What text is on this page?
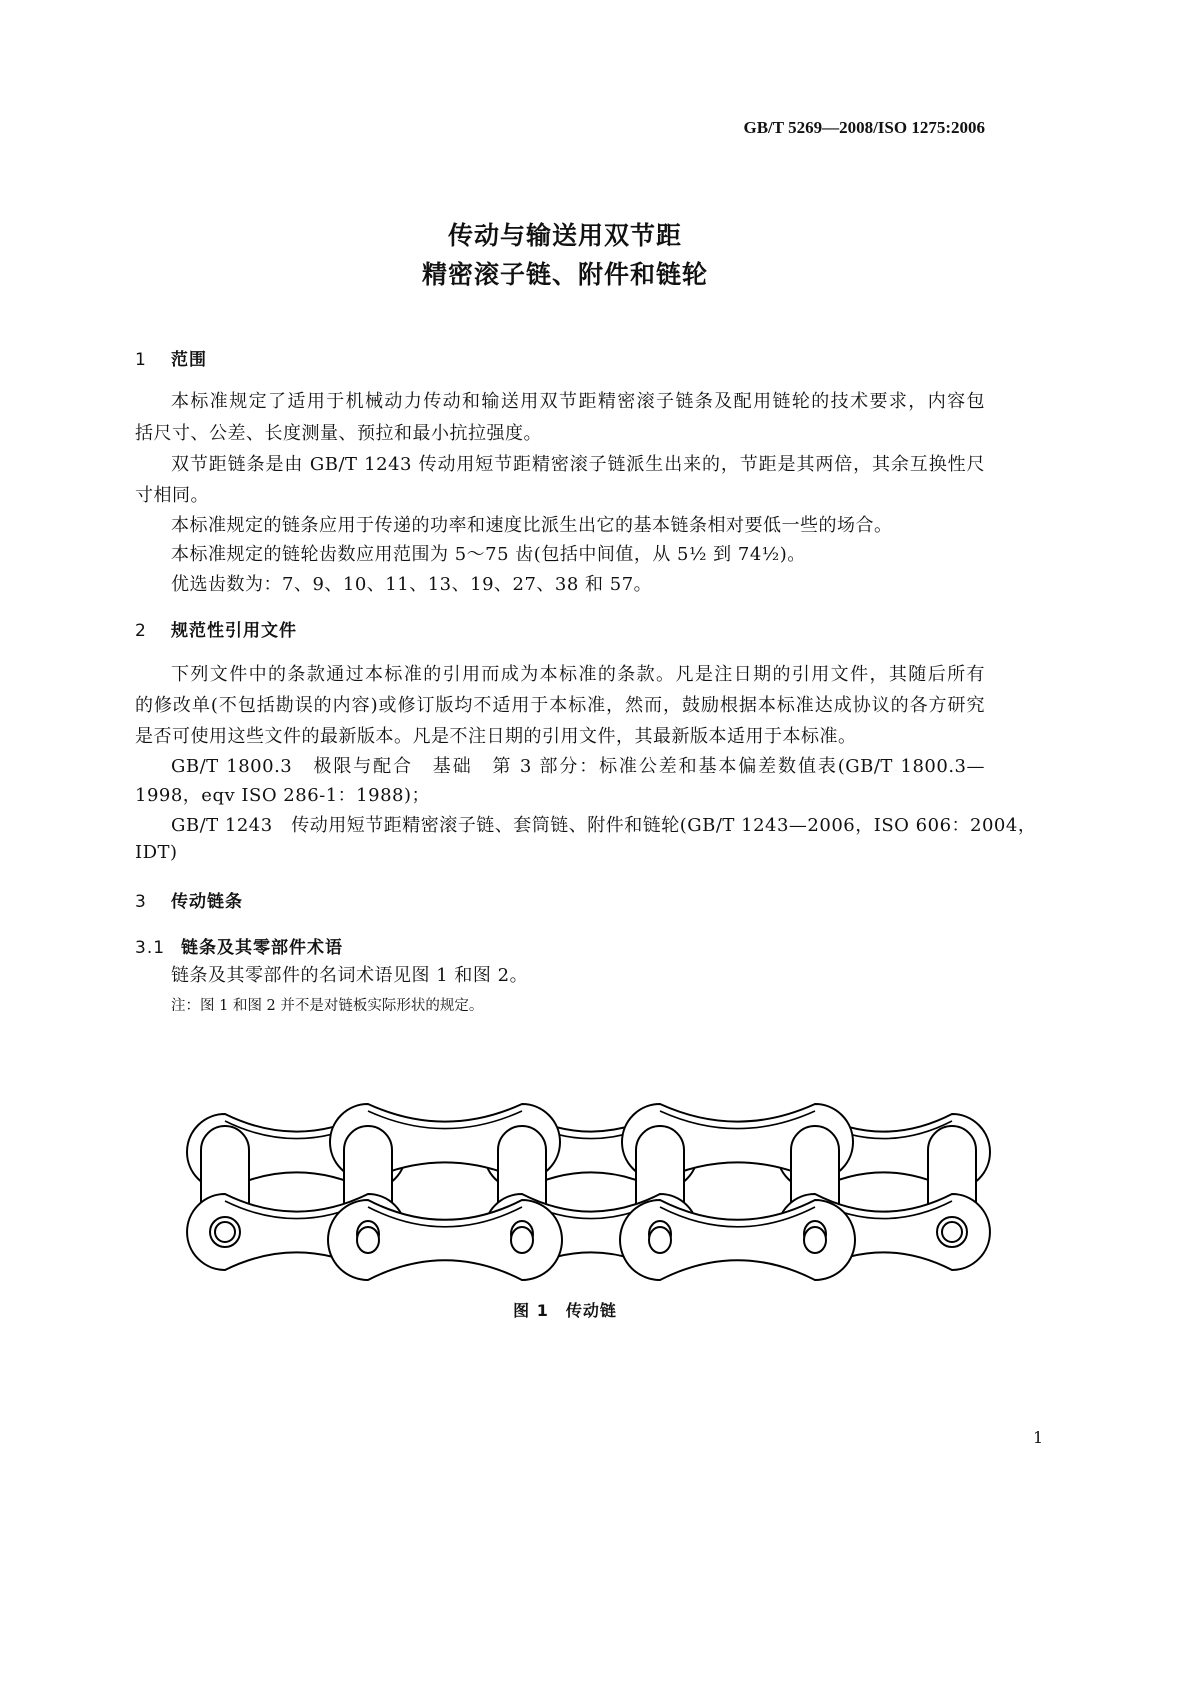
GB/T 5269—2008/ISO 1275:2006
传动与输送用双节距
精密滚子链、附件和链轮
1 范围
本标准规定了适用于机械动力传动和输送用双节距精密滚子链条及配用链轮的技术要求，内容包
括尺寸、公差、长度测量、预拉和最小抗拉强度。
双节距链条是由 GB/T 1243 传动用短节距精密滚子链派生出来的，节距是其两倍，其余互换性尺
寸相同。
本标准规定的链条应用于传递的功率和速度比派生出它的基本链条相对要低一些的场合。
本标准规定的链轮齿数应用范围为 5～75 齿(包括中间值，从 5½ 到 74½)。
优选齿数为：7、9、10、11、13、19、27、38 和 57。
2 规范性引用文件
下列文件中的条款通过本标准的引用而成为本标准的条款。凡是注日期的引用文件，其随后所有
的修改单(不包括勘误的内容)或修订版均不适用于本标准，然而，鼓励根据本标准达成协议的各方研究
是否可使用这些文件的最新版本。凡是不注日期的引用文件，其最新版本适用于本标准。
GB/T 1800.3　极限与配合　基础　第 3 部分：标准公差和基本偏差数值表(GB/T 1800.3—
1998，eqv ISO 286-1：1988)；
GB/T 1243　传动用短节距精密滚子链、套筒链、附件和链轮(GB/T 1243—2006，ISO 606：2004，
IDT)
3 传动链条
3.1 链条及其零部件术语
链条及其零部件的名词术语见图 1 和图 2。
注：图 1 和图 2 并不是对链板实际形状的规定。
图 1　传动链
1
